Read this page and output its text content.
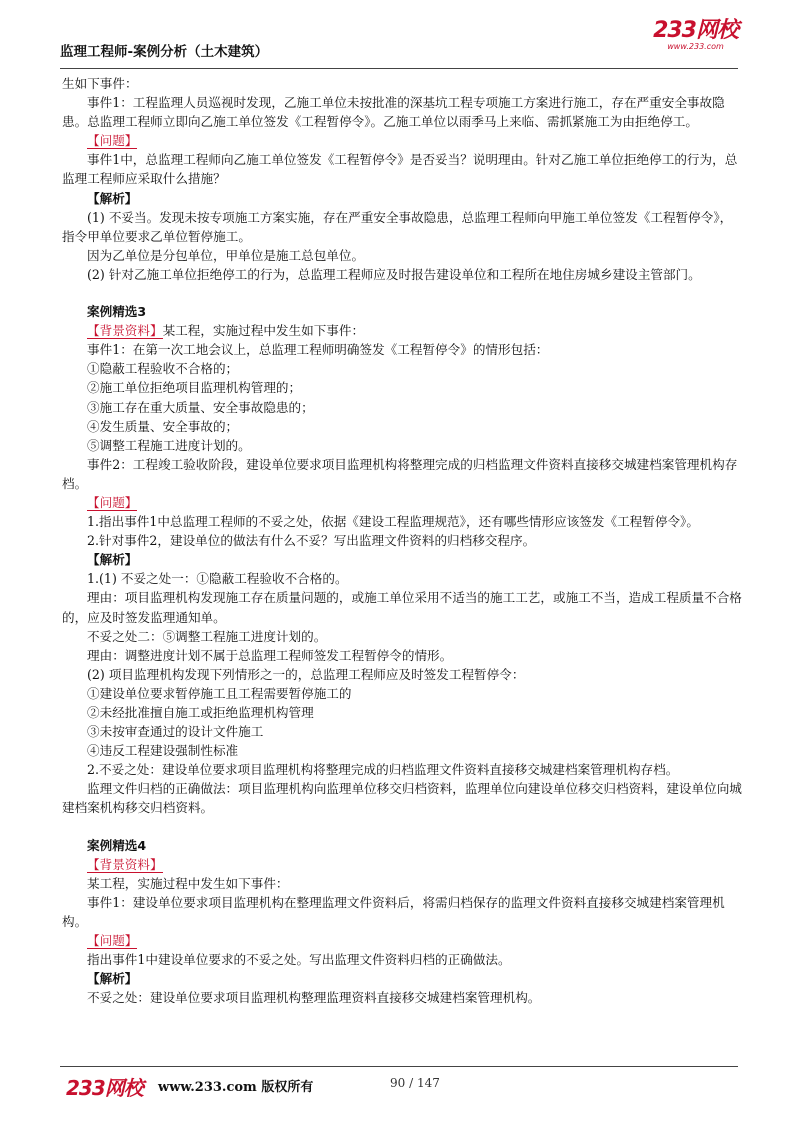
监理工程师-案例分析（土木建筑）
233网校
www.233.com

生如下事件：

事件1：工程监理人员巡视时发现，乙施工单位未按批准的深基坑工程专项施工方案进行施工，存在严重安全事故隐患。总监理工程师立即向乙施工单位签发《工程暂停令》。乙施工单位以雨季马上来临、需抓紧施工为由拒绝停工。

【问题】

事件1中，总监理工程师向乙施工单位签发《工程暂停令》是否妥当？说明理由。针对乙施工单位拒绝停工的行为，总监理工程师应采取什么措施？

【解析】

(1) 不妥当。发现未按专项施工方案实施，存在严重安全事故隐患，总监理工程师向甲施工单位签发《工程暂停令》，指令甲单位要求乙单位暂停施工。

因为乙单位是分包单位，甲单位是施工总包单位。

(2) 针对乙施工单位拒绝停工的行为，总监理工程师应及时报告建设单位和工程所在地住房城乡建设主管部门。

案例精选3

【背景资料】某工程，实施过程中发生如下事件：

事件1：在第一次工地会议上，总监理工程师明确签发《工程暂停令》的情形包括：

①隐蔽工程验收不合格的；

②施工单位拒绝项目监理机构管理的；

③施工存在重大质量、安全事故隐患的；

④发生质量、安全事故的；

⑤调整工程施工进度计划的。

事件2：工程竣工验收阶段，建设单位要求项目监理机构将整理完成的归档监理文件资料直接移交城建档案管理机构存档。

【问题】

1.指出事件1中总监理工程师的不妥之处，依据《建设工程监理规范》，还有哪些情形应该签发《工程暂停令》。

2.针对事件2，建设单位的做法有什么不妥？写出监理文件资料的归档移交程序。

【解析】

1.(1) 不妥之处一：①隐蔽工程验收不合格的。

理由：项目监理机构发现施工存在质量问题的，或施工单位采用不适当的施工工艺，或施工不当，造成工程质量不合格的，应及时签发监理通知单。

不妥之处二：⑤调整工程施工进度计划的。

理由：调整进度计划不属于总监理工程师签发工程暂停令的情形。

(2) 项目监理机构发现下列情形之一的，总监理工程师应及时签发工程暂停令：

①建设单位要求暂停施工且工程需要暂停施工的

②未经批准擅自施工或拒绝监理机构管理

③未按审查通过的设计文件施工

④违反工程建设强制性标准

2.不妥之处：建设单位要求项目监理机构将整理完成的归档监理文件资料直接移交城建档案管理机构存档。

监理文件归档的正确做法：项目监理机构向监理单位移交归档资料，监理单位向建设单位移交归档资料，建设单位向城建档案机构移交归档资料。

案例精选4

【背景资料】

某工程，实施过程中发生如下事件：

事件1：建设单位要求项目监理机构在整理监理文件资料后，将需归档保存的监理文件资料直接移交城建档案管理机构。

【问题】

指出事件1中建设单位要求的不妥之处。写出监理文件资料归档的正确做法。

【解析】

不妥之处：建设单位要求项目监理机构整理监理资料直接移交城建档案管理机构。

233网校 www.233.com 版权所有	90 / 147
